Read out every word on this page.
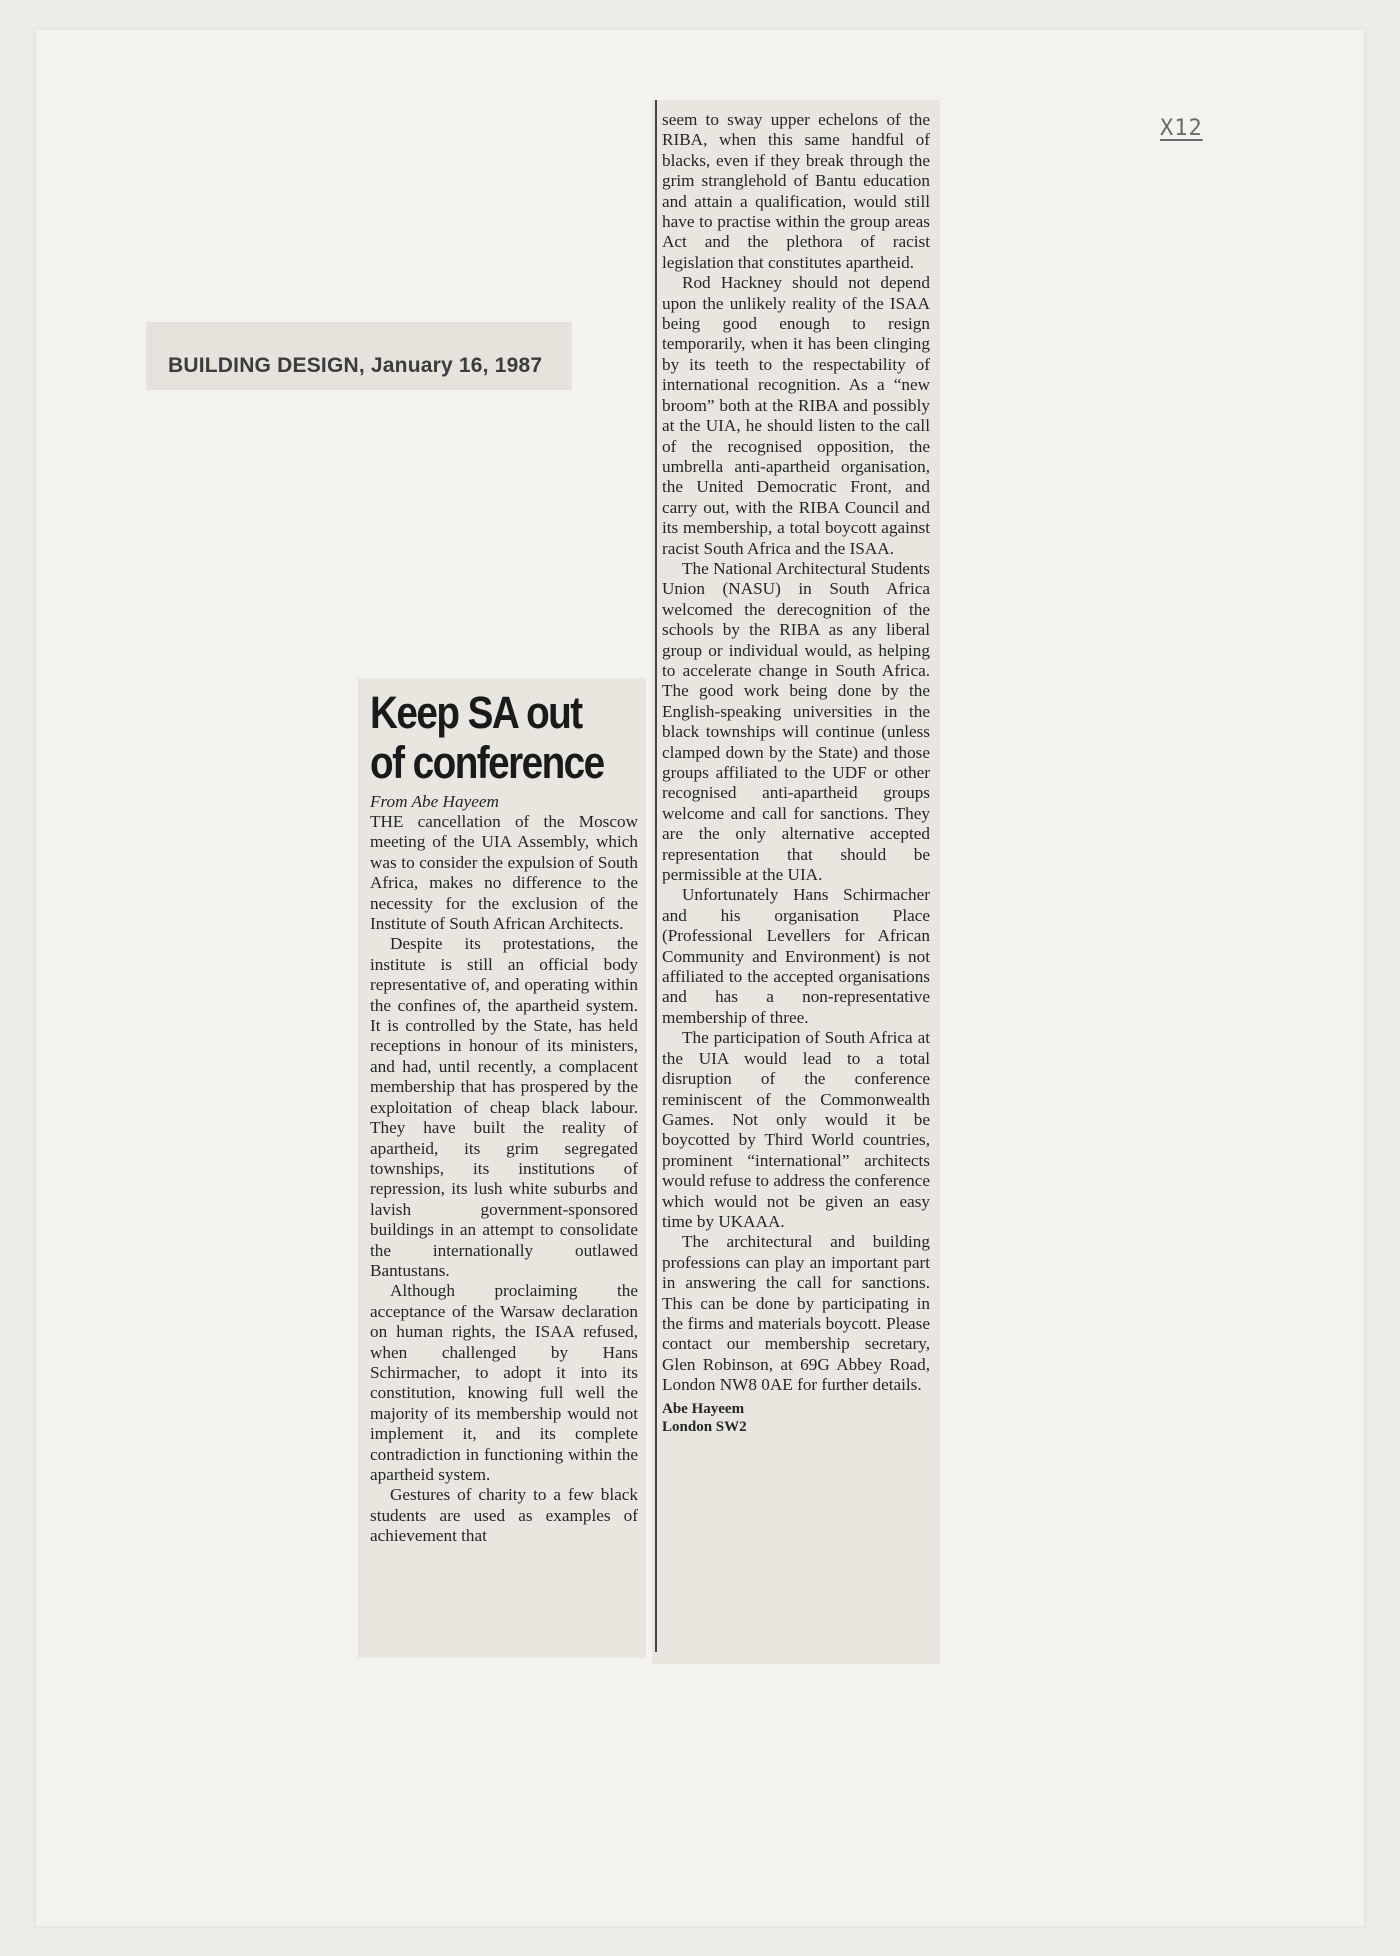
X12
BUILDING DESIGN, January 16, 1987
Keep SA out
of conference
From Abe Hayeem

THE cancellation of the Moscow meeting of the UIA Assembly, which was to consider the expulsion of South Africa, makes no difference to the necessity for the exclusion of the Institute of South African Architects.

Despite its protestations, the institute is still an official body representative of, and operating within the confines of, the apartheid system. It is controlled by the State, has held receptions in honour of its ministers, and had, until recently, a complacent membership that has prospered by the exploitation of cheap black labour. They have built the reality of apartheid, its grim segregated townships, its institutions of repression, its lush white suburbs and lavish government-sponsored buildings in an attempt to consolidate the internationally outlawed Bantustans.

Although proclaiming the acceptance of the Warsaw declaration on human rights, the ISAA refused, when challenged by Hans Schirmacher, to adopt it into its constitution, knowing full well the majority of its membership would not implement it, and its complete contradiction in functioning within the apartheid system.

Gestures of charity to a few black students are used as examples of achievement that

seem to sway upper echelons of the RIBA, when this same handful of blacks, even if they break through the grim stranglehold of Bantu education and attain a qualification, would still have to practise within the group areas Act and the plethora of racist legislation that constitutes apartheid.

Rod Hackney should not depend upon the unlikely reality of the ISAA being good enough to resign temporarily, when it has been clinging by its teeth to the respectability of international recognition. As a “new broom” both at the RIBA and possibly at the UIA, he should listen to the call of the recognised opposition, the umbrella anti-apartheid organisation, the United Democratic Front, and carry out, with the RIBA Council and its membership, a total boycott against racist South Africa and the ISAA.

The National Architectural Students Union (NASU) in South Africa welcomed the derecognition of the schools by the RIBA as any liberal group or individual would, as helping to accelerate change in South Africa. The good work being done by the English-speaking universities in the black townships will continue (unless clamped down by the State) and those groups affiliated to the UDF or other recognised anti-apartheid groups welcome and call for sanctions. They are the only alternative accepted representation that should be permissible at the UIA.

Unfortunately Hans Schirmacher and his organisation Place (Professional Levellers for African Community and Environment) is not affiliated to the accepted organisations and has a non-representative membership of three.

The participation of South Africa at the UIA would lead to a total disruption of the conference reminiscent of the Commonwealth Games. Not only would it be boycotted by Third World countries, prominent “international” architects would refuse to address the conference which would not be given an easy time by UKAAA.

The architectural and building professions can play an important part in answering the call for sanctions. This can be done by participating in the firms and materials boycott. Please contact our membership secretary, Glen Robinson, at 69G Abbey Road, London NW8 0AE for further details.

Abe Hayeem
London SW2
